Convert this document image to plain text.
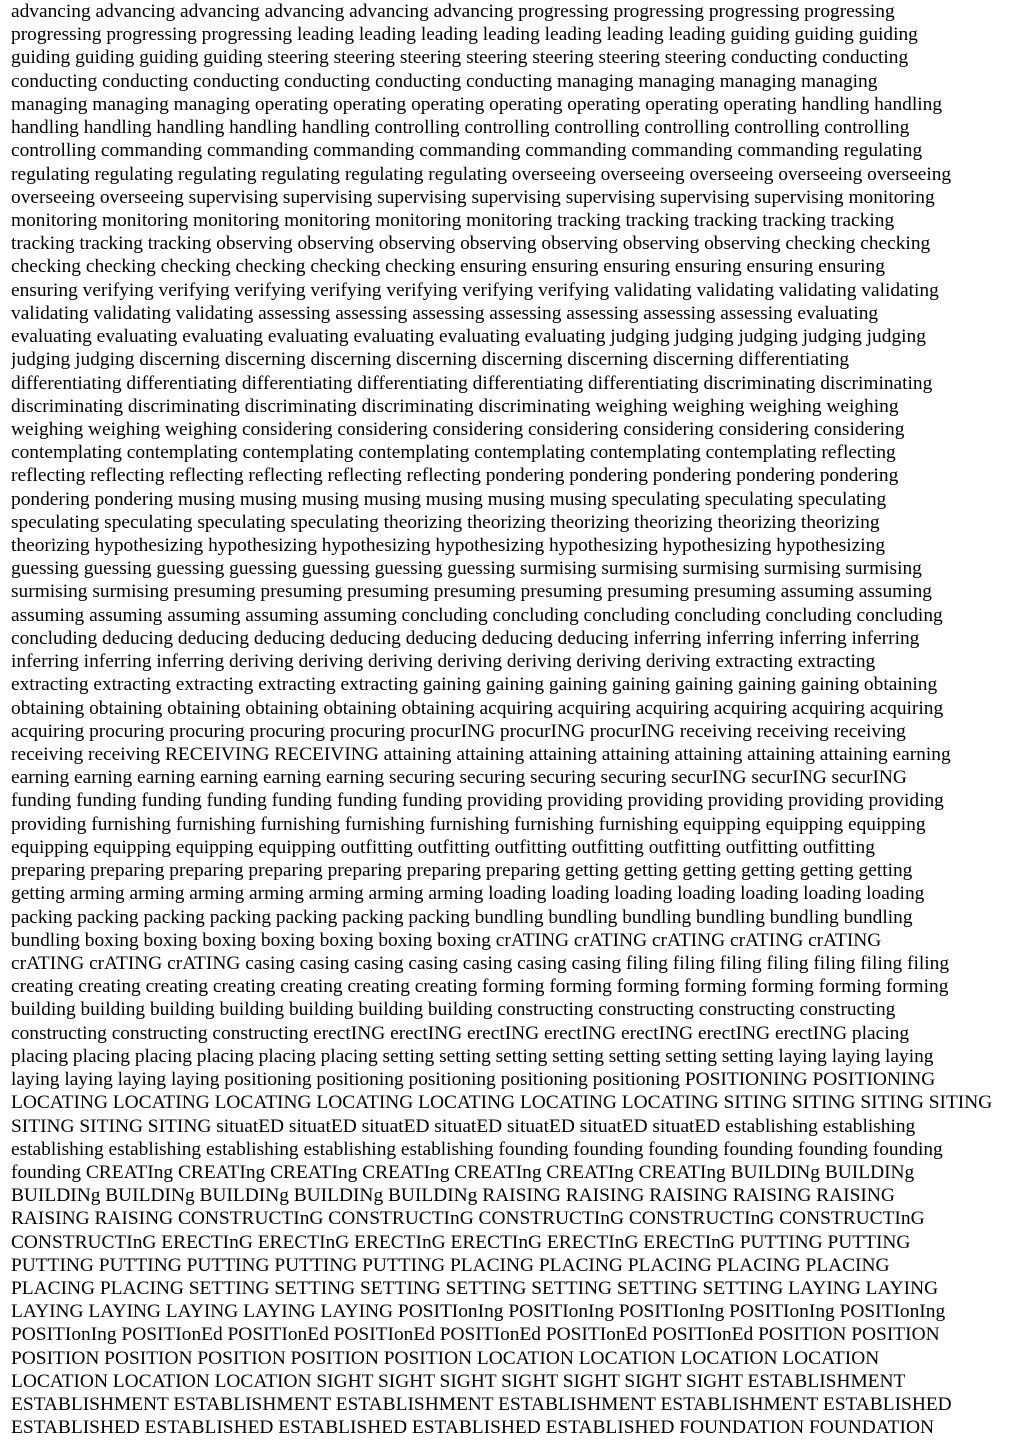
advancing advancing advancing advancing advancing advancing progressing progressing progressing progressing
progressing progressing progressing leading leading leading leading leading leading leading guiding guiding guiding
guiding guiding guiding guiding steering steering steering steering steering steering steering conducting conducting
conducting conducting conducting conducting conducting conducting managing managing managing managing
managing managing managing operating operating operating operating operating operating operating handling handling
handling handling handling handling handling controlling controlling controlling controlling controlling controlling
controlling commanding commanding commanding commanding commanding commanding commanding regulating
regulating regulating regulating regulating regulating regulating overseeing overseeing overseeing overseeing overseeing
overseeing overseeing supervising supervising supervising supervising supervising supervising supervising monitoring
monitoring monitoring monitoring monitoring monitoring monitoring tracking tracking tracking tracking tracking
tracking tracking tracking observing observing observing observing observing observing observing checking checking
checking checking checking checking checking checking ensuring ensuring ensuring ensuring ensuring ensuring
ensuring verifying verifying verifying verifying verifying verifying verifying validating validating validating validating
validating validating validating assessing assessing assessing assessing assessing assessing assessing evaluating
evaluating evaluating evaluating evaluating evaluating evaluating evaluating judging judging judging judging judging
judging judging discerning discerning discerning discerning discerning discerning discerning differentiating
differentiating differentiating differentiating differentiating differentiating differentiating discriminating discriminating
discriminating discriminating discriminating discriminating discriminating weighing weighing weighing weighing
weighing weighing weighing considering considering considering considering considering considering considering
contemplating contemplating contemplating contemplating contemplating contemplating contemplating reflecting
reflecting reflecting reflecting reflecting reflecting reflecting pondering pondering pondering pondering pondering
pondering pondering musing musing musing musing musing musing musing speculating speculating speculating
speculating speculating speculating speculating theorizing theorizing theorizing theorizing theorizing theorizing
theorizing hypothesizing hypothesizing hypothesizing hypothesizing hypothesizing hypothesizing hypothesizing
guessing guessing guessing guessing guessing guessing guessing surmising surmising surmising surmising surmising
surmising surmising presuming presuming presuming presuming presuming presuming presuming assuming assuming
assuming assuming assuming assuming assuming concluding concluding concluding concluding concluding concluding
concluding deducing deducing deducing deducing deducing deducing deducing inferring inferring inferring inferring
inferring inferring inferring deriving deriving deriving deriving deriving deriving deriving extracting extracting
extracting extracting extracting extracting extracting gaining gaining gaining gaining gaining gaining gaining obtaining
obtaining obtaining obtaining obtaining obtaining obtaining acquiring acquiring acquiring acquiring acquiring acquiring
acquiring procuring procuring procuring procuring procurING procurING procurING receiving receiving receiving
receiving receiving RECEIVING RECEIVING attaining attaining attaining attaining attaining attaining attaining earning
earning earning earning earning earning earning securing securing securing securing securING securING securING
funding funding funding funding funding funding funding providing providing providing providing providing providing
providing furnishing furnishing furnishing furnishing furnishing furnishing furnishing equipping equipping equipping
equipping equipping equipping equipping outfitting outfitting outfitting outfitting outfitting outfitting outfitting
preparing preparing preparing preparing preparing preparing preparing getting getting getting getting getting getting
getting arming arming arming arming arming arming arming loading loading loading loading loading loading loading
packing packing packing packing packing packing packing bundling bundling bundling bundling bundling bundling
bundling boxing boxing boxing boxing boxing boxing boxing crATING crATING crATING crATING crATING
crATING crATING crATING casing casing casing casing casing casing casing filing filing filing filing filing filing filing
creating creating creating creating creating creating creating forming forming forming forming forming forming forming
building building building building building building building constructing constructing constructing constructing
constructing constructing constructing erectING erectING erectING erectING erectING erectING erectING placing
placing placing placing placing placing placing setting setting setting setting setting setting setting laying laying laying
laying laying laying laying positioning positioning positioning positioning positioning POSITIONING POSITIONING
LOCATING LOCATING LOCATING LOCATING LOCATING LOCATING LOCATING SITING SITING SITING SITING
SITING SITING SITING situatED situatED situatED situatED situatED situatED situatED establishing establishing
establishing establishing establishing establishing establishing founding founding founding founding founding founding
founding CREATIng CREATIng CREATIng CREATIng CREATIng CREATIng CREATIng BUILDINg BUILDINg
BUILDINg BUILDINg BUILDINg BUILDINg BUILDINg RAISING RAISING RAISING RAISING RAISING
RAISING RAISING CONSTRUCTInG CONSTRUCTInG CONSTRUCTInG CONSTRUCTInG CONSTRUCTInG
CONSTRUCTInG ERECTInG ERECTInG ERECTInG ERECTInG ERECTInG ERECTInG PUTTING PUTTING
PUTTING PUTTING PUTTING PUTTING PUTTING PLACING PLACING PLACING PLACING PLACING
PLACING PLACING SETTING SETTING SETTING SETTING SETTING SETTING SETTING LAYING LAYING
LAYING LAYING LAYING LAYING LAYING POSITIonIng POSITIonIng POSITIonIng POSITIonIng POSITIonIng
POSITIonIng POSITIonEd POSITIonEd POSITIonEd POSITIonEd POSITIonEd POSITIonEd POSITION POSITION
POSITION POSITION POSITION POSITION POSITION LOCATION LOCATION LOCATION LOCATION
LOCATION LOCATION LOCATION SIGHT SIGHT SIGHT SIGHT SIGHT SIGHT SIGHT ESTABLISHMENT
ESTABLISHMENT ESTABLISHMENT ESTABLISHMENT ESTABLISHMENT ESTABLISHMENT ESTABLISHED
ESTABLISHED ESTABLISHED ESTABLISHED ESTABLISHED ESTABLISHED FOUNDATION FOUNDATION
